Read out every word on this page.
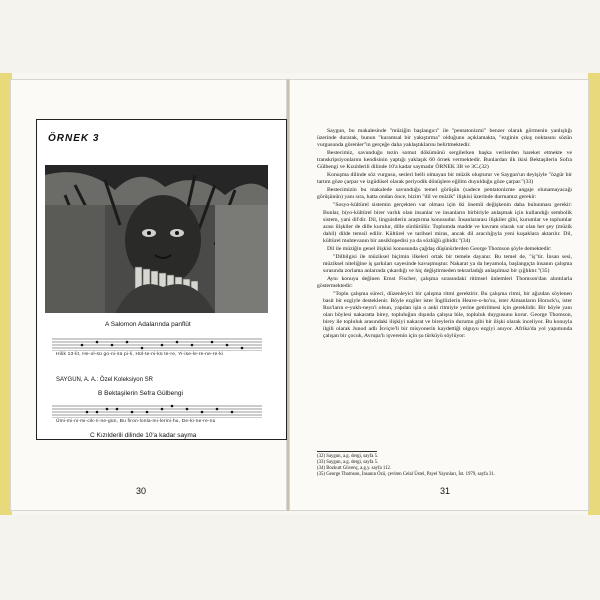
ÖRNEK 3
A Salomon Adalarında panflüt
Hilik 13-lit, He-ol-sü go-ni-sü pi-li, Hül-te-ni-kü te-re, Yi-ise-le-re-ne-re-ki
SAYGUN, A. A.: Özel Koleksiyon SR
B Bektaşilerin Sefra Gülbengi
Ümi-mi-ni-mi-cik-ri-ne-gün, Bu firon-lonla-mi-lerini-hu, De-ki-ne-re-nu
C Kızılderili dilinde 10'a kadar sayma
30

Saygun, bu makalesinde "müziğin başlangıcı" ile "pentatonizmi" benzer olarak görmenin yanlışlığı üzerinde durarak, bunun "kuramsal bir yakıştırma" olduğunu açıklamakta, "ezginin çıkış noktasını sözün vurgusunda görenler"in gerçeğe daha yaklaştıklarını belirtmektedir.

Bestecimiz, savunduğu tezin somut dökümünü sergilerken başka verilerden hareket etmekte ve transkripsiyonlarını kendisinin yaptığı yaklaşık 60 örnek vermektedir. Bunlardan ilk ikisi Bektaşilerin Sofra Gülbengi ve Kızılderili dilinde 10'a kadar saymadır ÖRNEK 3B ve 3C.(32)

Konuşma dilinde söz vurgusu, sesleri belli olmayan bir müzik oluşturur ve Saygun'un deyişiyle "özgür bir tartım göze çarpar ve izgüdüsel olarak periyodik dönüşlere eğilim duyulduğu göze çarpar."(33)

Bestecimizin bu makalede savunduğu temel görüşün (sadece pentatonizme angaje olunamayacağı görüşünün) yanı sıra, hatta ondan önce, bizim "dil ve müzik" ilişkisi üzerinde durmamız gerekir:

"Sosyo-kültürel sistemin gerçekten var olması için iki önemli değişkenin daha bulunması gerekir: Bunlar, biyo-kültürel birer varlık olan insanlar ve insanların birbiriyle anlaşmak için kullandığı sembolik sistem, yani dil'dir. Dil, linguistlerin araştırma konusudur. İnsanlararası ilişkiler gibi, kurumlar ve toplumlar arası ilişkiler de dille kurulur, dille sürdürülür. Toplumda madde ve kavram olarak var olan her şey (müzik dahil) dilde temsil edilir. Kültürel ve tarihsel miras, ancak dil aracılığıyla yeni kuşaklara aktarılır. Dil, kültürel muhtevanın bir ansiklopedisi ya da sözlüğü gibidir."(34)

Dil ile müziğin genel ilişkisi konusunda çağdaş düşünürlerden George Thomson şöyle demektedir:

"Dilbilgisi ile müziksel biçimin ilkeleri ortak bir temele dayanır. Bu temel de, "iş"tir. İnsan sesi, müziksel niteliğine iş şarkıları sayesinde kavuşmuştur. Nakarat ya da heyamola, başlangıçta insanın çalışma sırasında zorlama anlarında çıkardığı ve hiç değiştirmeden tekrarladığı anlaşılmaz bir çığlıktır."(35)

Aynı konuya değinen Ernst Fischer, çalışma sırasındaki ritimsel ünlemleri Thomson'dan alıntılarla göstermektedir:

"Toplu çalışma süreci, düzenleyici bir çalışma ritmi gerektirir. Bu çalışma ritmi, bir ağızdan söylenen basit bir ezgiyle desteklenir. Böyle ezgiler ister İngilizlerin Heave-o-ho'su, ister Almanların Horuck'u, ister Rus'ların e-yukh-neyn'i olsun, yapılan işin o anki ritmiyle yerine getirilmesi için gereklidir. Bir böyle yanı olan böylesi nakaratta birey, topluluğun dışında çalışsa bile, topluluk duygusunu korur. George Thomson, birey ile topluluk arasındaki ilişkiyi nakarat ve bireylerin durumu gibi bir ilişki olarak inceliyor. Bu konuyla ilgili olarak Junod adlı İsviçre'li bir misyonerin kaydettiği olguyu ezgiyi anıyor. Afrika'da yol yapımında çalışan bir çocuk, Avrupa'lı işverenin için şu türküyü söylüyor:

(32) Saygun, a.g. dergi, sayfa 5.
(33) Saygun, a.g. dergi, sayfa 5.
(34) Bozkurt Güvenç, a.g.y. sayfa 112.
(35) George Thomson, İnsanın Özü, çeviren Celal Üstel, Payel Yayınları, İst. 1979, sayfa 31.
31
